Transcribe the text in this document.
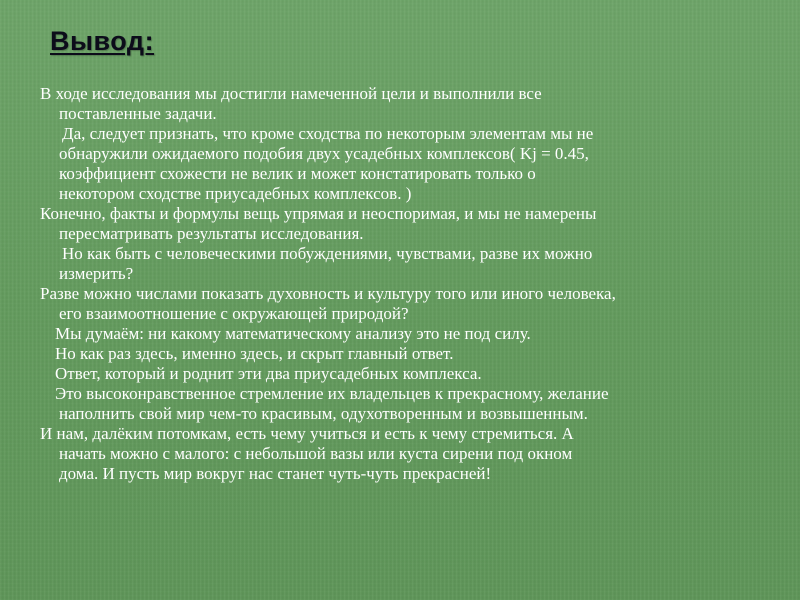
Вывод:
В ходе исследования мы достигли намеченной цели и выполнили все
поставленные задачи.
Да, следует признать, что кроме сходства по некоторым элементам мы не
обнаружили ожидаемого подобия двух усадебных комплексов( Kj = 0.45,
коэффициент схожести не велик и может констатировать только о
некотором сходстве приусадебных комплексов. )
Конечно, факты и формулы вещь упрямая и неоспоримая, и мы не намерены
пересматривать результаты исследования.
Но как быть с человеческими побуждениями, чувствами, разве их можно
измерить?
Разве можно числами показать духовность и культуру того или иного человека,
его взаимоотношение с окружающей природой?
Мы думаём: ни какому математическому анализу это не под силу.
Но как раз здесь, именно здесь, и скрыт главный ответ.
Ответ, который и роднит эти два приусадебных комплекса.
Это высоконравственное стремление их владельцев к прекрасному, желание
наполнить свой мир чем-то красивым, одухотворенным и возвышенным.
И нам, далёким потомкам, есть чему учиться и есть к чему стремиться. А
начать можно с малого: с небольшой вазы или куста сирени под окном
дома. И пусть мир вокруг нас станет чуть-чуть прекрасней!
